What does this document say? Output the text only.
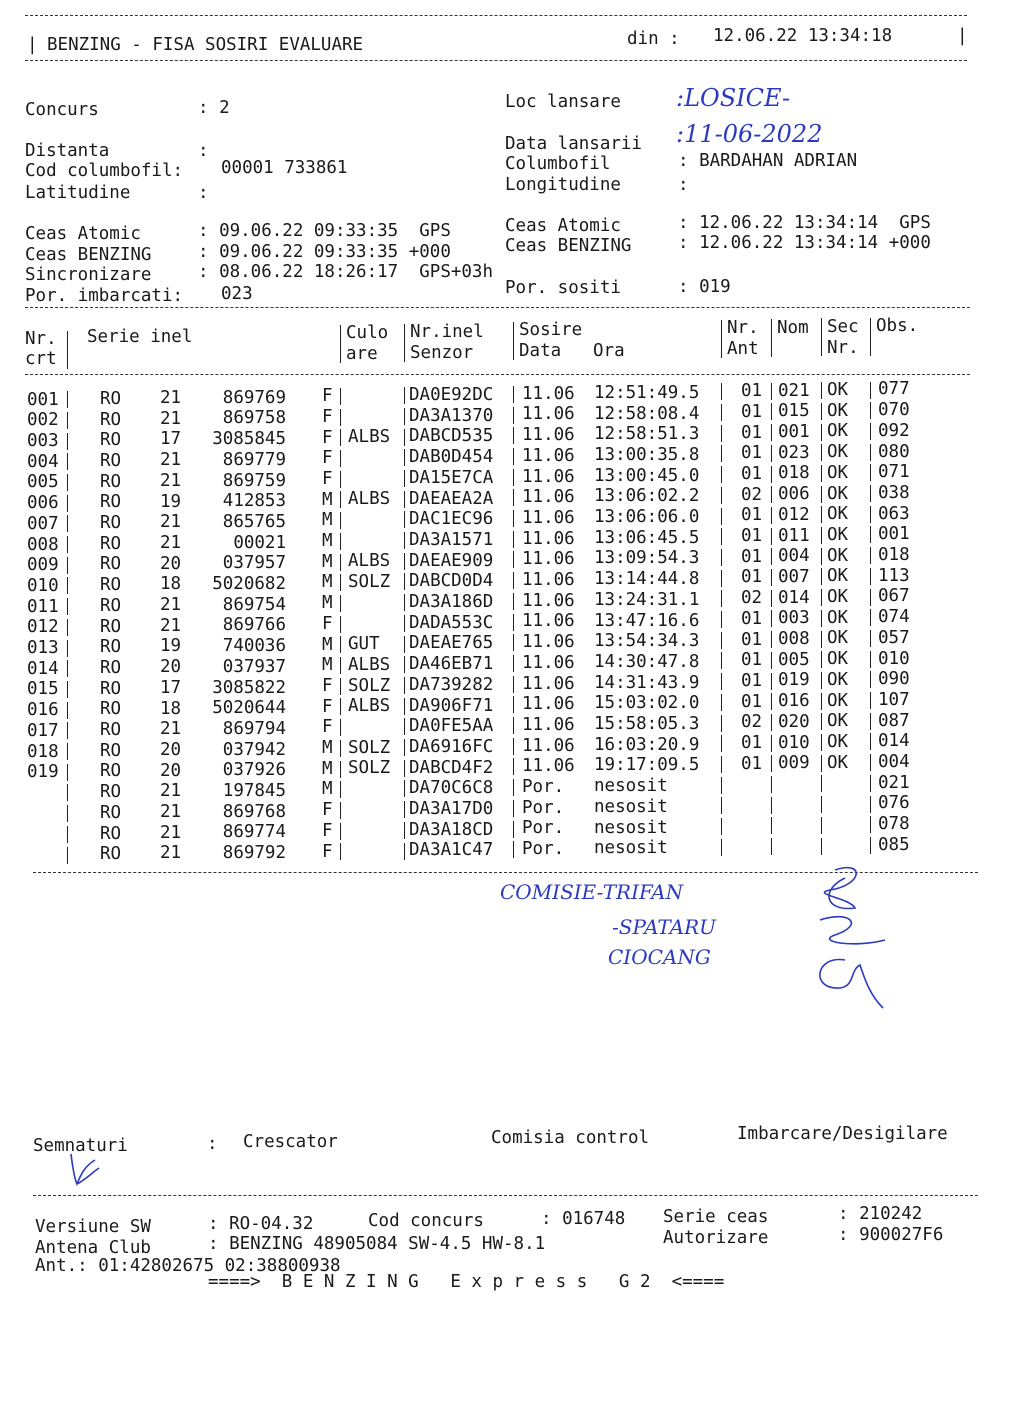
| BENZING - FISA SOSIRI EVALUARE	din : 12.06.22 13:34:18	|
Concurs	: 2
Distanta	:
Cod columbofil: 00001 733861
Latitudine	:
Ceas Atomic	: 09.06.22 09:33:35  GPS
Ceas BENZING	: 09.06.22 09:33:35 +000
Sincronizare	: 08.06.22 18:26:17  GPS+03h
Por. imbarcati: 023
Loc lansare :LOSICE-
Data lansarii :11-06-2022
Columbofil	: BARDAHAN ADRIAN
Longitudine	:
Ceas Atomic	: 12.06.22 13:34:14  GPS
Ceas BENZING	: 12.06.22 13:34:14 +000
Por. sositi	: 019
Nr.
crt
Serie inel	Culo
are
Nr.inel
Senzor
Sosire
Data Ora
Nr.
Ant
Nom Sec
Nr.
Obs.
001 RO	21	869769 F	DA0E92DC	11.06	12:51:49.5	01 021 OK	077
002 RO	21	869758 F	DA3A1370	11.06	12:58:08.4	01 015 OK	070
003 RO	17	3085845 F ALBS	DABCD535	11.06	12:58:51.3	01 001 OK	092
004 RO	21	869779 F	DAB0D454	11.06	13:00:35.8	01 023 OK	080
005 RO	21	869759 F	DA15E7CA	11.06	13:00:45.0	01 018 OK	071
006 RO	19	412853 M ALBS	DAEAEA2A	11.06	13:06:02.2	02 006 OK	038
007 RO	21	865765 M	DAC1EC96	11.06	13:06:06.0	01 012 OK	063
008 RO	21	00021 M	DA3A1571	11.06	13:06:45.5	01 011 OK	001
009 RO	20	037957 M ALBS	DAEAE909	11.06	13:09:54.3	01 004 OK	018
010 RO	18	5020682 M SOLZ	DABCD0D4	11.06	13:14:44.8	01 007 OK	113
011 RO	21	869754 M	DA3A186D	11.06	13:24:31.1	02 014 OK	067
012 RO	21	869766 F	DADA553C	11.06	13:47:16.6	01 003 OK	074
013 RO	19	740036 M GUT	DAEAE765	11.06	13:54:34.3	01 008 OK	057
014 RO	20	037937 M ALBS	DA46EB71	11.06	14:30:47.8	01 005 OK	010
015 RO	17	3085822 F SOLZ	DA739282	11.06	14:31:43.9	01 019 OK	090
016 RO	18	5020644 F ALBS	DA906F71	11.06	15:03:02.0	01 016 OK	107
017 RO	21	869794 F	DA0FE5AA	11.06	15:58:05.3	02 020 OK	087
018 RO	20	037942 M SOLZ	DA6916FC	11.06	16:03:20.9	01 010 OK	014
019 RO	20	037926 M SOLZ	DABCD4F2	11.06	19:17:09.5	01 009 OK	004
RO	21	197845 M	DA70C6C8	Por.	nesosit	021
RO	21	869768 F	DA3A17D0	Por.	nesosit	076
RO	21	869774 F	DA3A18CD	Por.	nesosit	078
RO	21	869792 F	DA3A1C47	Por.	nesosit	085
COMISIE-TRIFAN
-SPATARU
CIOCANG
Semnaturi	: Crescator	Comisia control	Imbarcare/Desigilare
Versiune SW	: RO-04.32	Cod concurs	: 016748 Serie ceas	: 210242
Antena Club	: BENZING 48905084 SW-4.5 HW-8.1	Autorizare	: 900027F6
Ant.: 01:42802675 02:38800938
====>  B E N Z I N G   E x p r e s s   G 2  <====
